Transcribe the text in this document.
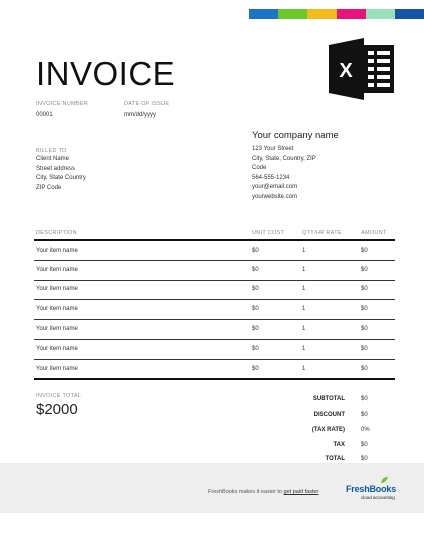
X
INVOICE
INVOICE NUMBER
00001
DATE OF ISSUE
mm/dd/yyyy
Your company name
BILLED TO
Client Name
Street address
City, State Country
ZIP Code
123 Your Street
City, State, Country, ZIP
Code
564-555-1234
your@email.com
yourwebsite.com
DESCRIPTION	UNIT COST	QTY/HR RATE	AMOUNT
Your item name	$0	1	$0
Your item name	$0	1	$0
Your item name	$0	1	$0
Your item name	$0	1	$0
Your item name	$0	1	$0
Your item name	$0	1	$0
Your item name	$0	1	$0
INVOICE TOTAL
$2000
SUBTOTAL	$0
DISCOUNT	$0
(TAX RATE)	0%
TAX	$0
TOTAL	$0
FreshBooks makes it easier to get paid faster	FreshBooks
cloud accounting
